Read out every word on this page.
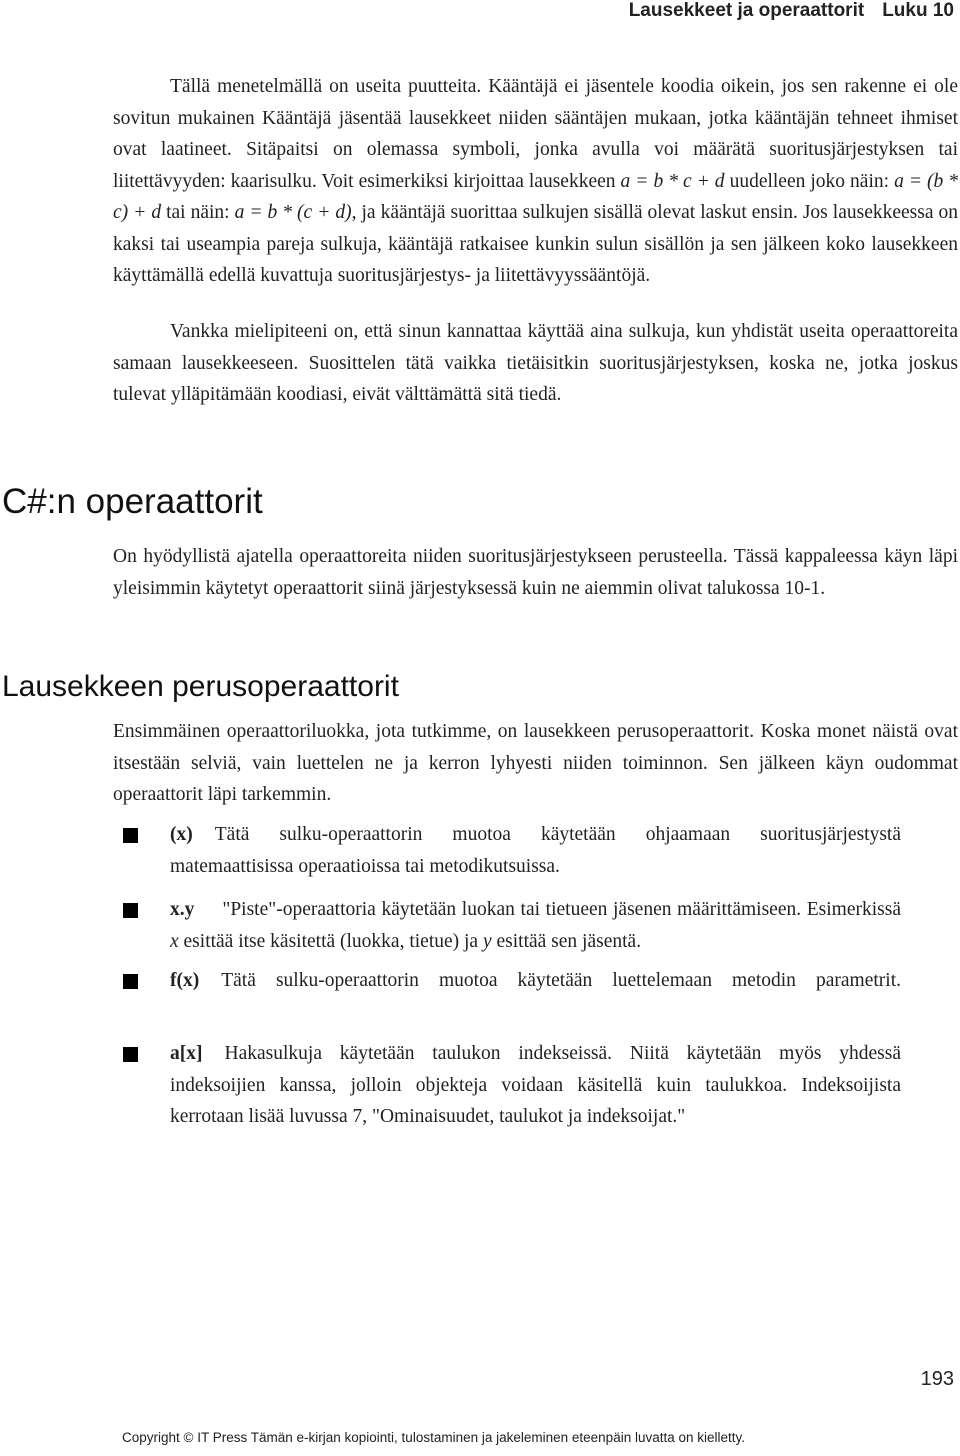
Lausekkeet ja operaattorit Luku 10

Tällä menetelmällä on useita puutteita. Kääntäjä ei jäsentele koodia oikein, jos sen rakenne ei ole sovitun mukainen Kääntäjä jäsentää lausekkeet niiden sääntäjen mukaan, jotka kääntäjän tehneet ihmiset ovat laatineet. Sitäpaitsi on olemassa symboli, jonka avulla voi määrätä suoritusjärjestyksen tai liitettävyyden: kaarisulku. Voit esimerkiksi kirjoittaa lausekkeen a = b * c + d uudelleen joko näin: a = (b * c) + d tai näin: a = b * (c + d), ja kääntäjä suorittaa sulkujen sisällä olevat laskut ensin. Jos lausekkeessa on kaksi tai useampia pareja sulkuja, kääntäjä ratkaisee kunkin sulun sisällön ja sen jälkeen koko lausekkeen käyttämällä edellä kuvattuja suoritusjärjestys- ja liitettävyyssääntöjä.

Vankka mielipiteeni on, että sinun kannattaa käyttää aina sulkuja, kun yhdistät useita operaattoreita samaan lausekkeeseen. Suosittelen tätä vaikka tietäisitkin suoritusjärjestyksen, koska ne, jotka joskus tulevat ylläpitämään koodiasi, eivät välttämättä sitä tiedä.

C#:n operaattorit

On hyödyllistä ajatella operaattoreita niiden suoritusjärjestykseen perusteella. Tässä kappaleessa käyn läpi yleisimmin käytetyt operaattorit siinä järjestyksessä kuin ne aiemmin olivat talukossa 10-1.

Lausekkeen perusoperaattorit

Ensimmäinen operaattoriluokka, jota tutkimme, on lausekkeen perusoperaattorit. Koska monet näistä ovat itsestään selviä, vain luettelen ne ja kerron lyhyesti niiden toiminnon. Sen jälkeen käyn oudommat operaattorit läpi tarkemmin.

(x) Tätä sulku-operaattorin muotoa käytetään ohjaamaan suoritusjärjestystä matemaattisissa operaatioissa tai metodikutsuissa.

x.y "Piste"-operaattoria käytetään luokan tai tietueen jäsenen määrittämiseen. Esimerkissä x esittää itse käsitettä (luokka, tietue) ja y esittää sen jäsentä.

f(x) Tätä sulku-operaattorin muotoa käytetään luettelemaan metodin parametrit.

a[x] Hakasulkuja käytetään taulukon indekseissä. Niitä käytetään myös yhdessä indeksoijien kanssa, jolloin objekteja voidaan käsitellä kuin taulukkoa. Indeksoijista kerrotaan lisää luvussa 7, "Ominaisuudet, taulukot ja indeksoijat."

193
Copyright © IT Press Tämän e-kirjan kopiointi, tulostaminen ja jakeleminen eteenpäin luvatta on kielletty.
